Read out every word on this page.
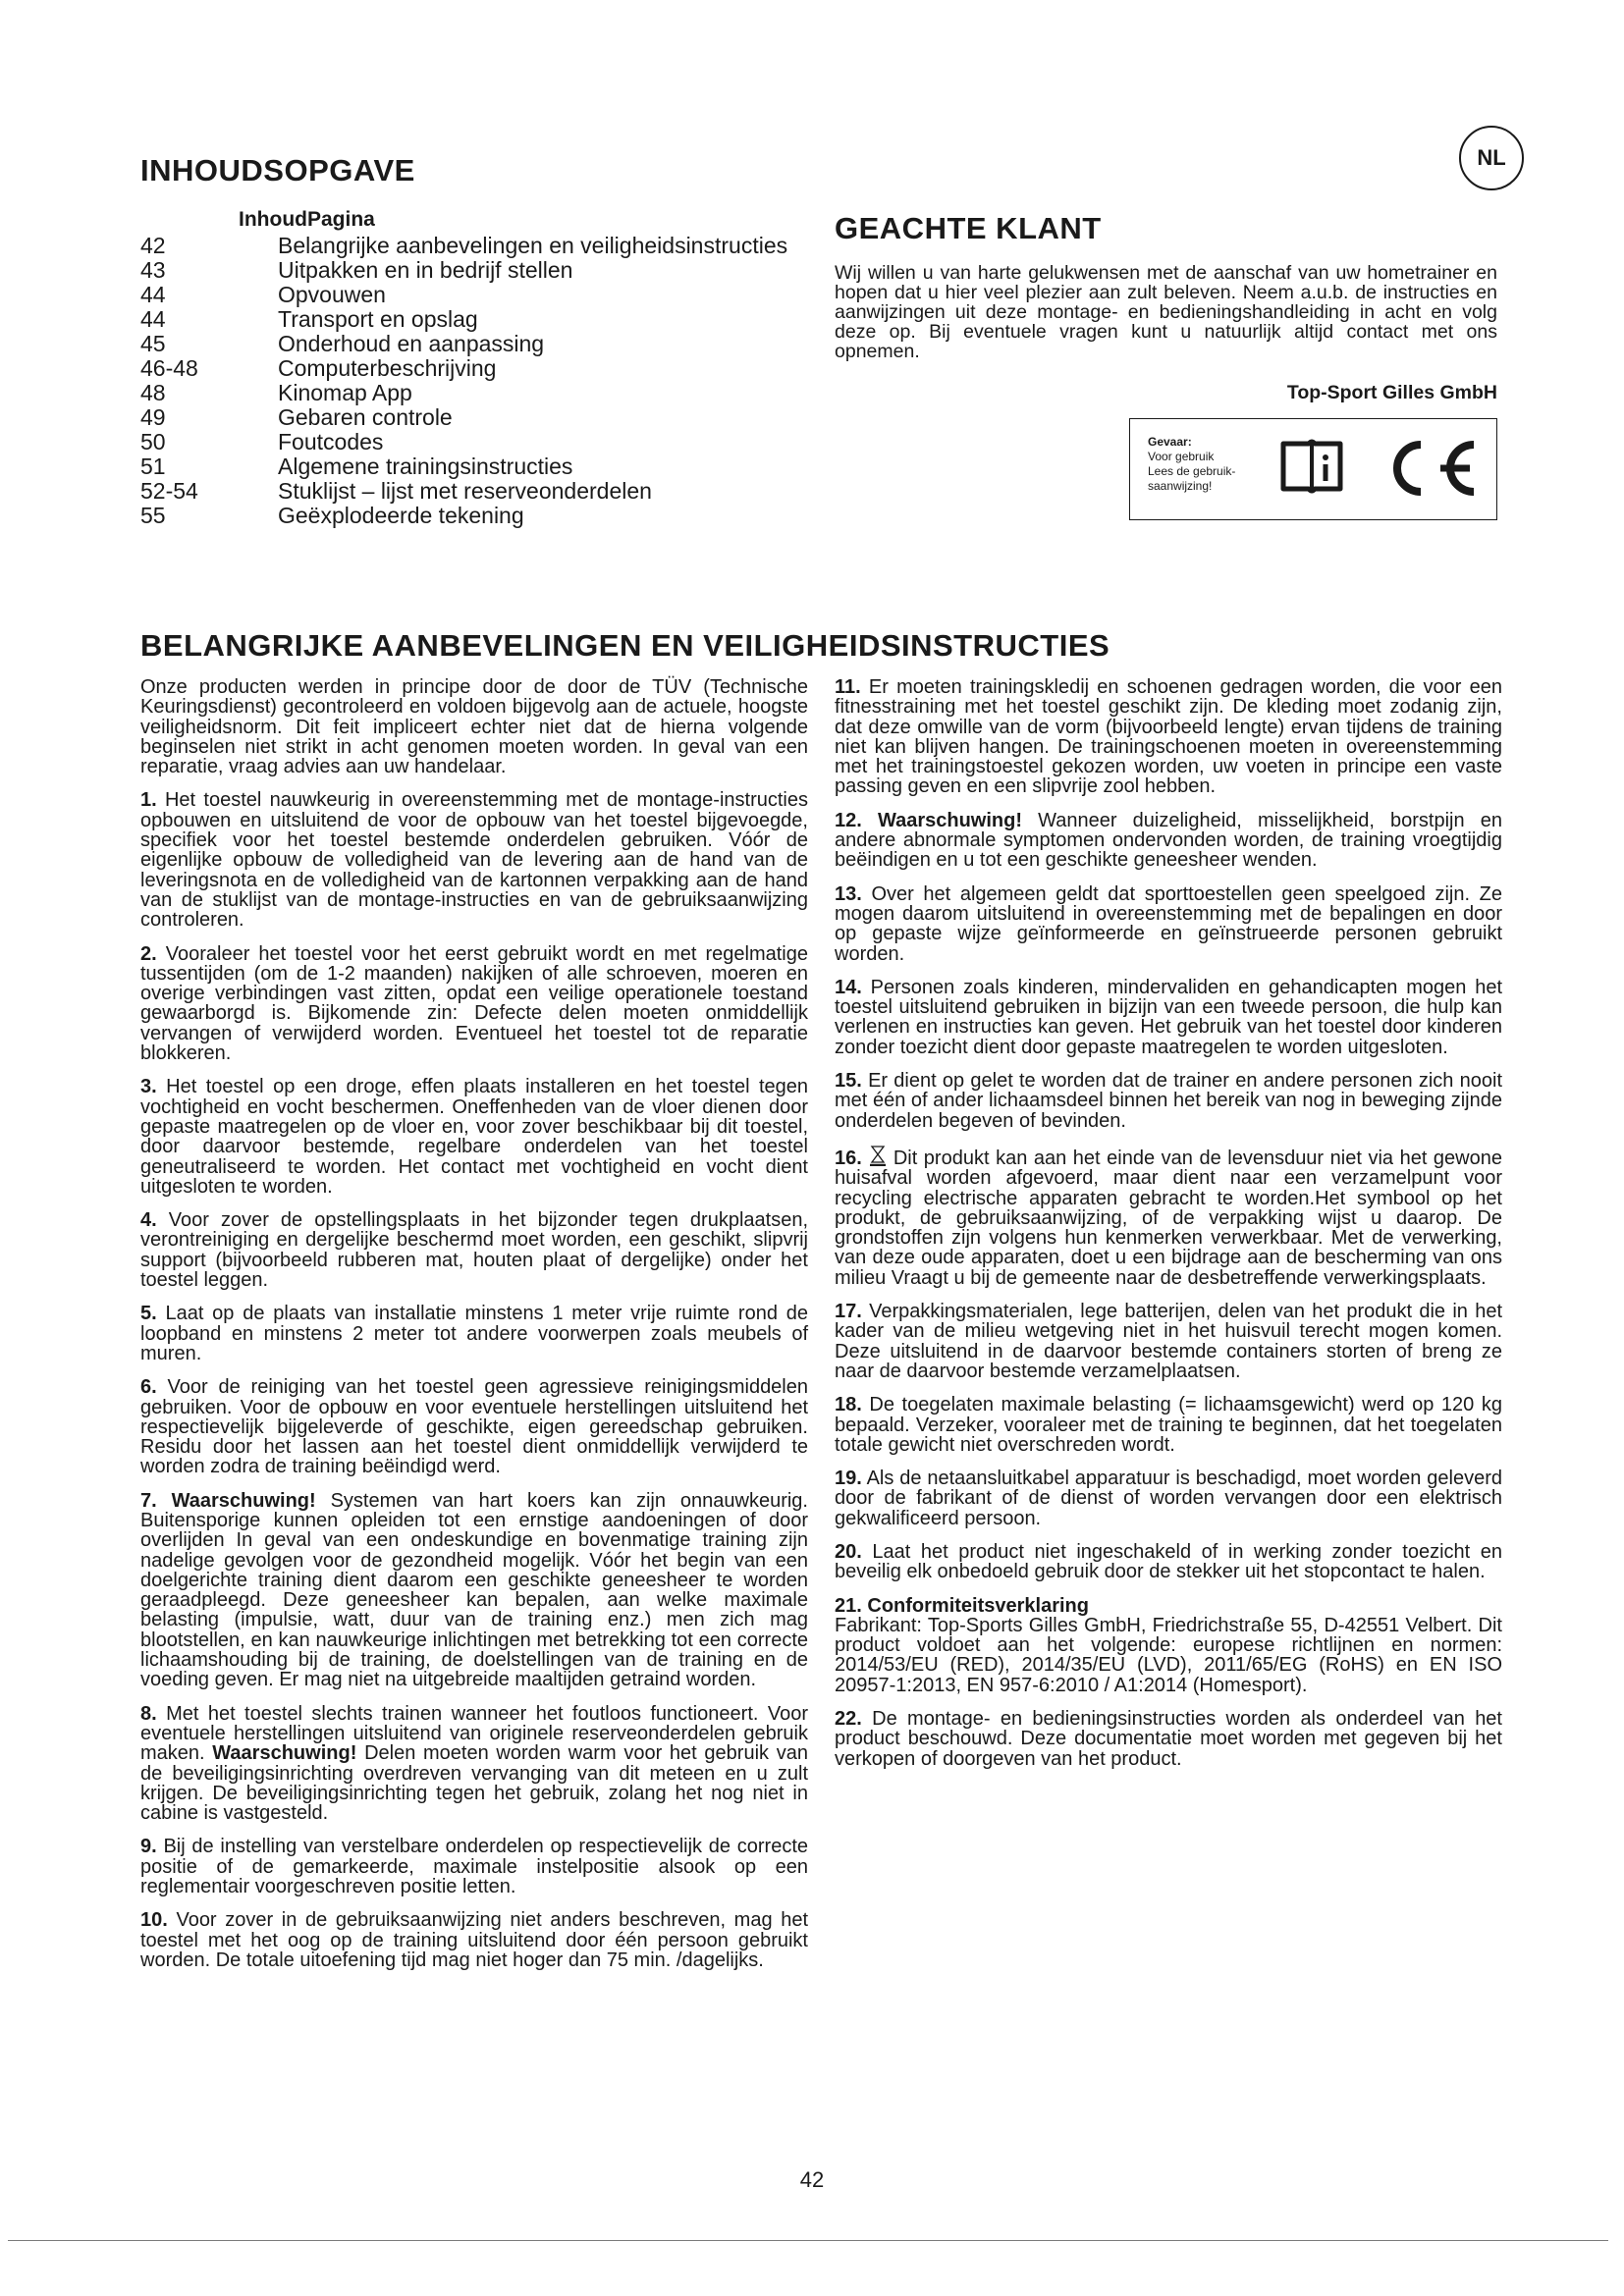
INHOUDSOPGAVE	NL
InhoudPagina
42	Belangrijke aanbevelingen en veiligheidsinstructies
43	Uitpakken en in bedrijf stellen
44	Opvouwen
44	Transport en opslag
45	Onderhoud en aanpassing
46-48	Computerbeschrijving
48	Kinomap App
49	Gebaren controle
50	Foutcodes
51	Algemene trainingsinstructies
52-54	Stuklijst – lijst met reserveonderdelen
55	Geëxplodeerde tekening
GEACHTE KLANT
Wij willen u van harte gelukwensen met de aanschaf van uw hometrainer en hopen dat u hier veel plezier aan zult beleven. Neem a.u.b. de instructies en aanwijzingen uit deze montage- en bedieningshandleiding in acht en volg deze op. Bij eventuele vragen kunt u natuurlijk altijd contact met ons opnemen.
Top-Sport Gilles GmbH
Gevaar:
Voor gebruik
Lees de gebruik-
saanwijzing!
BELANGRIJKE AANBEVELINGEN EN VEILIGHEIDSINSTRUCTIES

Onze producten werden in principe door de door de TÜV (Technische Keuringsdienst) gecontroleerd en voldoen bijgevolg aan de actuele, hoogste veiligheidsnorm. Dit feit impliceert echter niet dat de hierna volgende beginselen niet strikt in acht genomen moeten worden. In geval van een reparatie, vraag advies aan uw handelaar.

1. Het toestel nauwkeurig in overeenstemming met de montage-instructies opbouwen en uitsluitend de voor de opbouw van het toestel bijgevoegde, specifiek voor het toestel bestemde onderdelen gebruiken. Vóór de eigenlijke opbouw de volledigheid van de levering aan de hand van de leveringsnota en de volledigheid van de kartonnen verpakking aan de hand van de stuklijst van de montage-instructies en van de gebruiksaanwijzing controleren.

2. Vooraleer het toestel voor het eerst gebruikt wordt en met regelmatige tussentijden (om de 1-2 maanden) nakijken of alle schroeven, moeren en overige verbindingen vast zitten, opdat een veilige operationele toestand gewaarborgd is. Bijkomende zin: Defecte delen moeten onmiddellijk vervangen of verwijderd worden. Eventueel het toestel tot de reparatie blokkeren.

3. Het toestel op een droge, effen plaats installeren en het toestel tegen vochtigheid en vocht beschermen. Oneffenheden van de vloer dienen door gepaste maatregelen op de vloer en, voor zover beschikbaar bij dit toestel, door daarvoor bestemde, regelbare onderdelen van het toestel geneutraliseerd te worden. Het contact met vochtigheid en vocht dient uitgesloten te worden.

4. Voor zover de opstellingsplaats in het bijzonder tegen drukplaatsen, verontreiniging en dergelijke beschermd moet worden, een geschikt, slipvrij support (bijvoorbeeld rubberen mat, houten plaat of dergelijke) onder het toestel leggen.

5. Laat op de plaats van installatie minstens 1 meter vrije ruimte rond de loopband en minstens 2 meter tot andere voorwerpen zoals meubels of muren.

6. Voor de reiniging van het toestel geen agressieve reinigingsmiddelen gebruiken. Voor de opbouw en voor eventuele herstellingen uitsluitend het respectievelijk bijgeleverde of geschikte, eigen gereedschap gebruiken. Residu door het lassen aan het toestel dient onmiddellijk verwijderd te worden zodra de training beëindigd werd.

7. Waarschuwing! Systemen van hart koers kan zijn onnauwkeurig. Buitensporige kunnen opleiden tot een ernstige aandoeningen of door overlijden In geval van een ondeskundige en bovenmatige training zijn nadelige gevolgen voor de gezondheid mogelijk. Vóór het begin van een doelgerichte training dient daarom een geschikte geneesheer te worden geraadpleegd. Deze geneesheer kan bepalen, aan welke maximale belasting (impulsie, watt, duur van de training enz.) men zich mag blootstellen, en kan nauwkeurige inlichtingen met betrekking tot een correcte lichaamshouding bij de training, de doelstellingen van de training en de voeding geven. Er mag niet na uitgebreide maaltijden getraind worden.

8. Met het toestel slechts trainen wanneer het foutloos functioneert. Voor eventuele herstellingen uitsluitend van originele reserveonderdelen gebruik maken. Waarschuwing! Delen moeten worden warm voor het gebruik van de beveiligingsinrichting overdreven vervanging van dit meteen en u zult krijgen. De beveiligingsinrichting tegen het gebruik, zolang het nog niet in cabine is vastgesteld.

9. Bij de instelling van verstelbare onderdelen op respectievelijk de correcte positie of de gemarkeerde, maximale instelpositie alsook op een reglementair voorgeschreven positie letten.

10. Voor zover in de gebruiksaanwijzing niet anders beschreven, mag het toestel met het oog op de training uitsluitend door één persoon gebruikt worden. De totale uitoefening tijd mag niet hoger dan 75 min. /dagelijks.

11. Er moeten trainingskledij en schoenen gedragen worden, die voor een fitnesstraining met het toestel geschikt zijn. De kleding moet zodanig zijn, dat deze omwille van de vorm (bijvoorbeeld lengte) ervan tijdens de training niet kan blijven hangen. De trainingschoenen moeten in overeenstemming met het trainingstoestel gekozen worden, uw voeten in principe een vaste passing geven en een slipvrije zool hebben.

12. Waarschuwing! Wanneer duizeligheid, misselijkheid, borstpijn en andere abnormale symptomen ondervonden worden, de training vroegtijdig beëindigen en u tot een geschikte geneesheer wenden.

13. Over het algemeen geldt dat sporttoestellen geen speelgoed zijn. Ze mogen daarom uitsluitend in overeenstemming met de bepalingen en door op gepaste wijze geïnformeerde en geïnstrueerde personen gebruikt worden.

14. Personen zoals kinderen, mindervaliden en gehandicapten mogen het toestel uitsluitend gebruiken in bijzijn van een tweede persoon, die hulp kan verlenen en instructies kan geven. Het gebruik van het toestel door kinderen zonder toezicht dient door gepaste maatregelen te worden uitgesloten.

15. Er dient op gelet te worden dat de trainer en andere personen zich nooit met één of ander lichaamsdeel binnen het bereik van nog in beweging zijnde onderdelen begeven of bevinden.

16. Dit produkt kan aan het einde van de levensduur niet via het gewone huisafval worden afgevoerd, maar dient naar een verzamelpunt voor recycling electrische apparaten gebracht te worden.Het symbool op het produkt, de gebruiksaanwijzing, of de verpakking wijst u daarop. De grondstoffen zijn volgens hun kenmerken verwerkbaar. Met de verwerking, van deze oude apparaten, doet u een bijdrage aan de bescherming van ons milieu Vraagt u bij de gemeente naar de desbetreffende verwerkingsplaats.

17. Verpakkingsmaterialen, lege batterijen, delen van het produkt die in het kader van de milieu wetgeving niet in het huisvuil terecht mogen komen. Deze uitsluitend in de daarvoor bestemde containers storten of breng ze naar de daarvoor bestemde verzamelplaatsen.

18. De toegelaten maximale belasting (= lichaamsgewicht) werd op 120 kg bepaald. Verzeker, vooraleer met de training te beginnen, dat het toegelaten totale gewicht niet overschreden wordt.

19. Als de netaansluitkabel apparatuur is beschadigd, moet worden geleverd door de fabrikant of de dienst of worden vervangen door een elektrisch gekwalificeerd persoon.

20. Laat het product niet ingeschakeld of in werking zonder toezicht en beveilig elk onbedoeld gebruik door de stekker uit het stopcontact te halen.

21. Conformiteitsverklaring
Fabrikant: Top-Sports Gilles GmbH, Friedrichstraße 55, D-42551 Velbert. Dit product voldoet aan het volgende: europese richtlijnen en normen: 2014/53/EU (RED), 2014/35/EU (LVD), 2011/65/EG (RoHS) en EN ISO 20957-1:2013, EN 957-6:2010 / A1:2014 (Homesport).

22. De montage- en bedieningsinstructies worden als onderdeel van het product beschouwd. Deze documentatie moet worden met gegeven bij het verkopen of doorgeven van het product.

42
